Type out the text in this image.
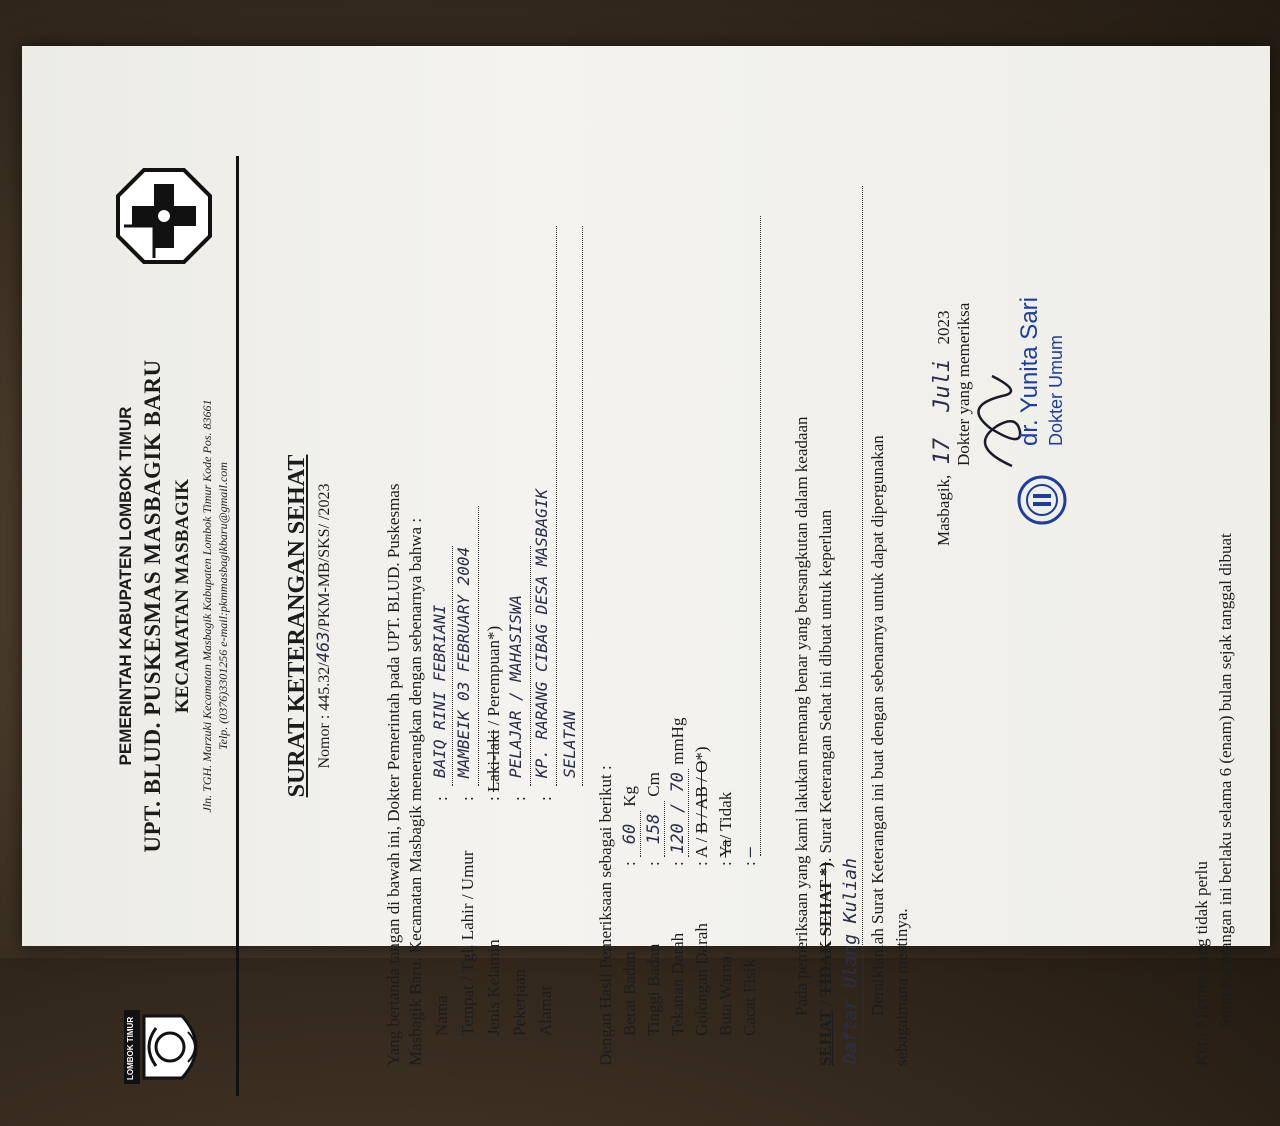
LOMBOK TIMUR
PEMERINTAH KABUPATEN LOMBOK TIMUR UPT. BLUD. PUSKESMAS MASBAGIK BARU KECAMATAN MASBAGIK Jln. TGH. Marzuki Kecamatan Masbagik Kabupaten Lombok Timur Kode Pos. 83661 Telp. (0376)3301256 e-mail:pkmmasbagikbaru@gmail.com SURAT KETERANGAN SEHAT Nomor : 445.32/463/PKM-MB/SKS/ /2023	Yang bertanda tangan di bawah ini, Dokter Pemerintah pada UPT. BLUD. Puskesmas Masbagik Baru, Kecamatan Masbagik menerangkan dengan sebenarnya bahwa : Nama
:
BAIQ RINI FEBRIANI
Tempat / Tgl. Lahir / Umur
:
MAMBEIK 03 FEBRUARY 2004
Jenis Kelamin
: Laki-laki / Perempuan*)
Pekerjaan
:
PELAJAR / MAHASISWA
Alamat
:
KP. RARANG CIBAG DESA MASBAGIK SELATAN
Dengan Hasil Pemeriksaan sebagai berikut : Berat Badan
: 60 Kg
Tinggi Badan
: 158 Cm
Tekanan Darah
: 120 / 70 mmHg
Golongan Darah
: A / B / AB / O*)
Buta Warna
: Ya/ Tidak
Cacat Fisik
: – Pada pemeriksaan yang kami lakukan memang benar yang bersangkutan dalam keadaan
SEHAT / TIDAK SEHAT *). Surat Keterangan Sehat ini dibuat untuk keperluan
Daftar Ulang Kuliah Demikianlah Surat Keterangan ini buat dengan sebenarnya untuk dapat dipergunakan sebagaimana mestinya.
Masbagik, 17 Juli 2023 Dokter yang memeriksa dr. Yunita Sari Dokter Umum
Ket : *) coret yang tidak perlu Surat Keterangan ini berlaku selama 6 (enam) bulan sejak tanggal dibuat
